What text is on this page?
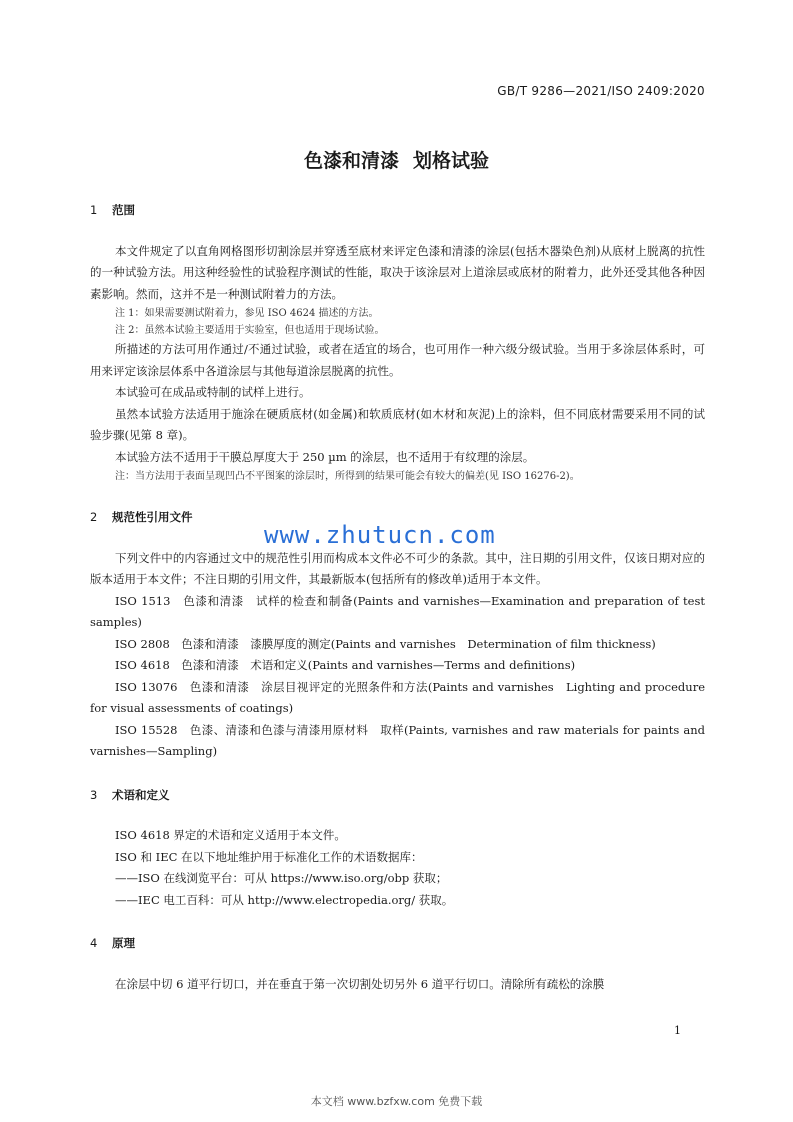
GB/T 9286—2021/ISO 2409:2020
色漆和清漆 划格试验
1 范围

本文件规定了以直角网格图形切割涂层并穿透至底材来评定色漆和清漆的涂层(包括木器染色剂)从底材上脱离的抗性的一种试验方法。用这种经验性的试验程序测试的性能，取决于该涂层对上道涂层或底材的附着力，此外还受其他各种因素影响。然而，这并不是一种测试附着力的方法。

注 1：如果需要测试附着力，参见 ISO 4624 描述的方法。

注 2：虽然本试验主要适用于实验室，但也适用于现场试验。

所描述的方法可用作通过/不通过试验，或者在适宜的场合，也可用作一种六级分级试验。当用于多涂层体系时，可用来评定该涂层体系中各道涂层与其他每道涂层脱离的抗性。

本试验可在成品或特制的试样上进行。

虽然本试验方法适用于施涂在硬质底材(如金属)和软质底材(如木材和灰泥)上的涂料，但不同底材需要采用不同的试验步骤(见第 8 章)。

本试验方法不适用于干膜总厚度大于 250 µm 的涂层，也不适用于有纹理的涂层。

注：当方法用于表面呈现凹凸不平图案的涂层时，所得到的结果可能会有较大的偏差(见 ISO 16276-2)。

2 规范性引用文件

下列文件中的内容通过文中的规范性引用而构成本文件必不可少的条款。其中，注日期的引用文件，仅该日期对应的版本适用于本文件；不注日期的引用文件，其最新版本(包括所有的修改单)适用于本文件。

ISO 1513　色漆和清漆　试样的检查和制备(Paints and varnishes—Examination and preparation of test samples)

ISO 2808　色漆和清漆　漆膜厚度的测定(Paints and varnishes　Determination of film thickness)

ISO 4618　色漆和清漆　术语和定义(Paints and varnishes—Terms and definitions)

ISO 13076　色漆和清漆　涂层目视评定的光照条件和方法(Paints and varnishes　Lighting and procedure for visual assessments of coatings)

ISO 15528　色漆、清漆和色漆与清漆用原材料　取样(Paints, varnishes and raw materials for paints and varnishes—Sampling)

3 术语和定义

ISO 4618 界定的术语和定义适用于本文件。

ISO 和 IEC 在以下地址维护用于标准化工作的术语数据库：

——ISO 在线浏览平台：可从 https://www.iso.org/obp 获取；

——IEC 电工百科：可从 http://www.electropedia.org/ 获取。

4 原理

在涂层中切 6 道平行切口，并在垂直于第一次切割处切另外 6 道平行切口。清除所有疏松的涂膜

www.zhutucn.com
1
本文档 www.bzfxw.com 免费下载
